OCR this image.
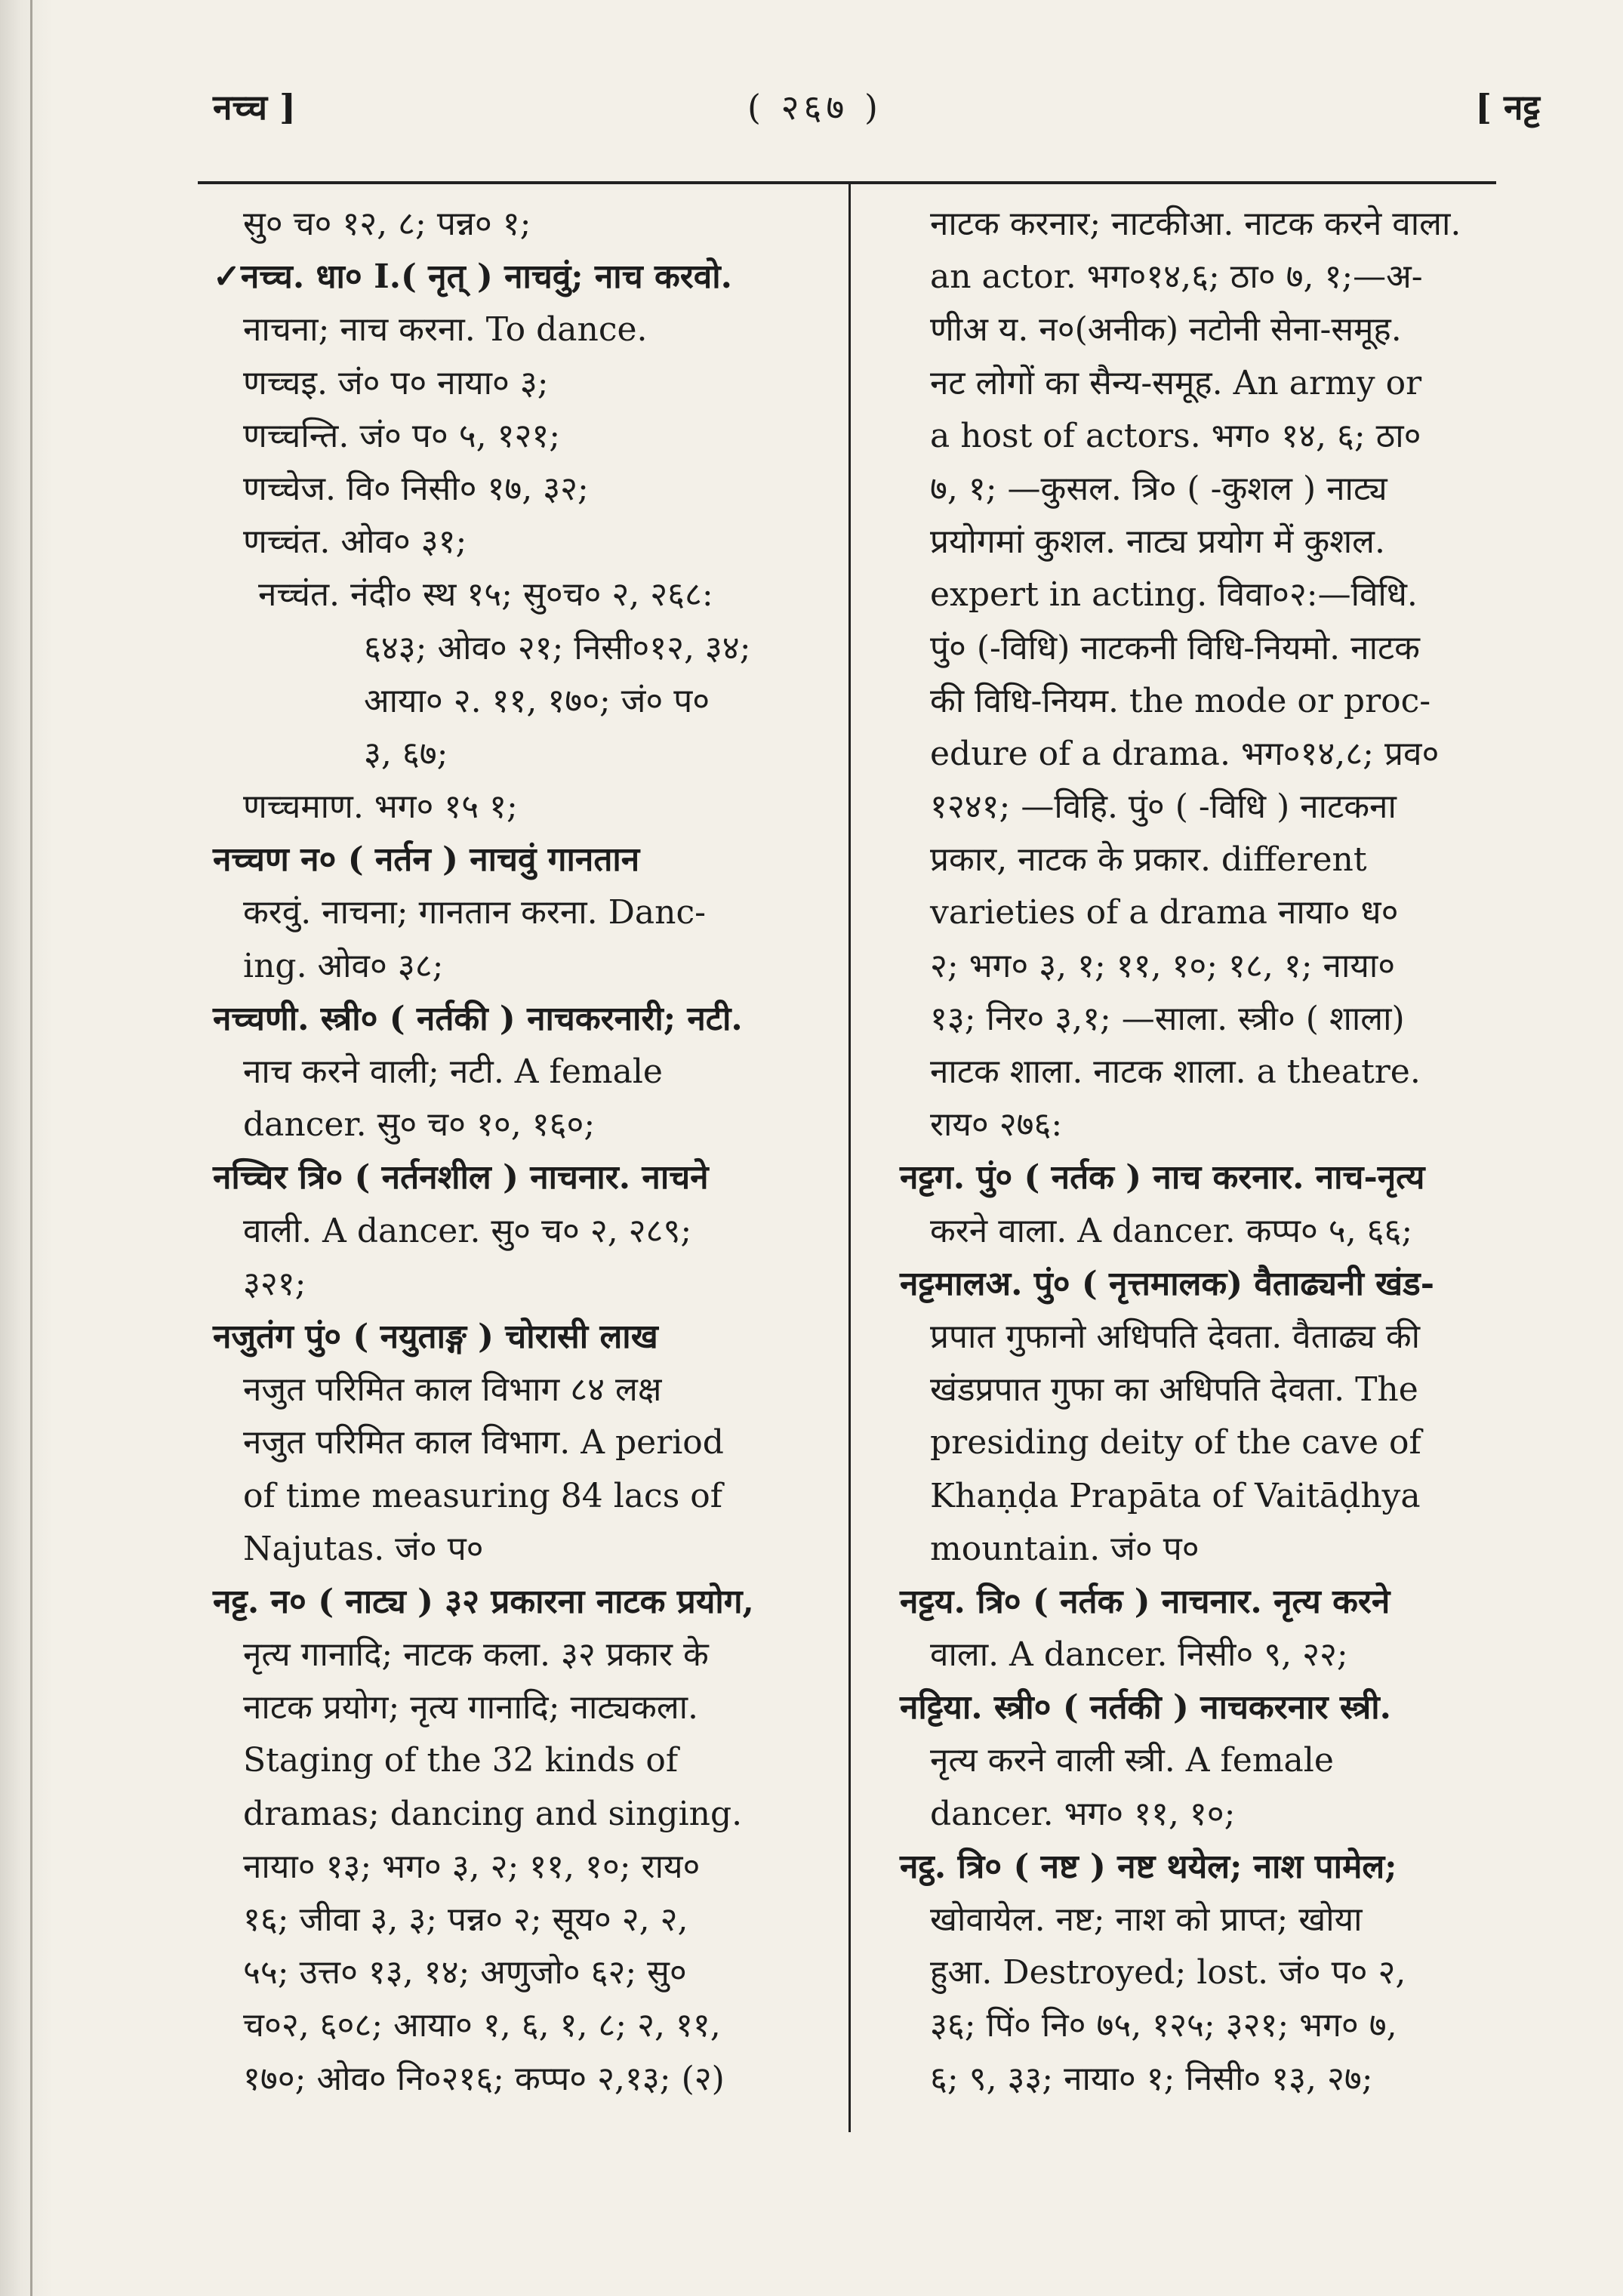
नच्च ]	( २६७ )	[ नट्ट
सु० च० १२, ८; पन्न० १;
✓नच्च. धा० I.( नृत् ) नाचवुं; नाच करवो.
नाचना; नाच करना. To dance.
णच्चइ. जं० प० नाया० ३;
णच्चन्ति. जं० प० ५, १२१;
णच्चेज. वि० निसी० १७, ३२;
णच्चंत. ओव० ३१;
नच्चंत. नंदी० स्थ १५; सु०च० २, २६८:
६४३; ओव० २१; निसी०१२, ३४;
आया० २. ११, १७०; जं० प०
३, ६७;
णच्चमाण. भग० १५ १;
नच्चण न० ( नर्तन ) नाचवुं गानतान
करवुं. नाचना; गानतान करना. Danc-
ing. ओव० ३८;
नच्चणी. स्त्री० ( नर्तकी ) नाचकरनारी; नटी.
नाच करने वाली; नटी. A female
dancer. सु० च० १०, १६०;
नच्चिर त्रि० ( नर्तनशील ) नाचनार. नाचने
वाली. A dancer. सु० च० २, २८९;
३२१;
नजुतंग पुं० ( नयुताङ्ग ) चोरासी लाख
नजुत परिमित काल विभाग ८४ लक्ष
नजुत परिमित काल विभाग. A period
of time measuring 84 lacs of
Najutas. जं० प०
नट्ट. न० ( नाट्य ) ३२ प्रकारना नाटक प्रयोग,
नृत्य गानादि; नाटक कला. ३२ प्रकार के
नाटक प्रयोग; नृत्य गानादि; नाट्यकला.
Staging of the 32 kinds of
dramas; dancing and singing.
नाया० १३; भग० ३, २; ११, १०; राय०
१६; जीवा ३, ३; पन्न० २; सूय० २, २,
५५; उत्त० १३, १४; अणुजो० ६२; सु०
च०२, ६०८; आया० १, ६, १, ८; २, ११,
१७०; ओव० नि०२१६; कप्प० २,१३; (२)
नाटक करनार; नाटकीआ. नाटक करने वाला.
an actor. भग०१४,६; ठा० ७, १;—अ-
णीअ य. न०(अनीक) नटोनी सेना-समूह.
नट लोगों का सैन्य-समूह. An army or
a host of actors. भग० १४, ६; ठा०
७, १; —कुसल. त्रि० ( -कुशल ) नाट्य
प्रयोगमां कुशल. नाट्य प्रयोग में कुशल.
expert in acting. विवा०२:—विधि.
पुं० (-विधि) नाटकनी विधि-नियमो. नाटक
की विधि-नियम. the mode or proc-
edure of a drama. भग०१४,८; प्रव०
१२४१; —विहि. पुं० ( -विधि ) नाटकना
प्रकार, नाटक के प्रकार. different
varieties of a drama नाया० ध०
२; भग० ३, १; ११, १०; १८, १; नाया०
१३; निर० ३,१; —साला. स्त्री० ( शाला)
नाटक शाला. नाटक शाला. a theatre.
राय० २७६:
नट्टग. पुं० ( नर्तक ) नाच करनार. नाच-नृत्य
करने वाला. A dancer. कप्प० ५, ६६;
नट्टमालअ. पुं० ( नृत्तमालक) वैताढ्यनी खंड-
प्रपात गुफानो अधिपति देवता. वैताढ्य की
खंडप्रपात गुफा का अधिपति देवता. The
presiding deity of the cave of
Khaṇḍa Prapāta of Vaitāḍhya
mountain. जं० प०
नट्टय. त्रि० ( नर्तक ) नाचनार. नृत्य करने
वाला. A dancer. निसी० ९, २२;
नट्टिया. स्त्री० ( नर्तकी ) नाचकरनार स्त्री.
नृत्य करने वाली स्त्री. A female
dancer. भग० ११, १०;
नट्ठ. त्रि० ( नष्ट ) नष्ट थयेल; नाश पामेल;
खोवायेल. नष्ट; नाश को प्राप्त; खोया
हुआ. Destroyed; lost. जं० प० २,
३६; पिं० नि० ७५, १२५; ३२१; भग० ७,
६; ९, ३३; नाया० १; निसी० १३, २७;
